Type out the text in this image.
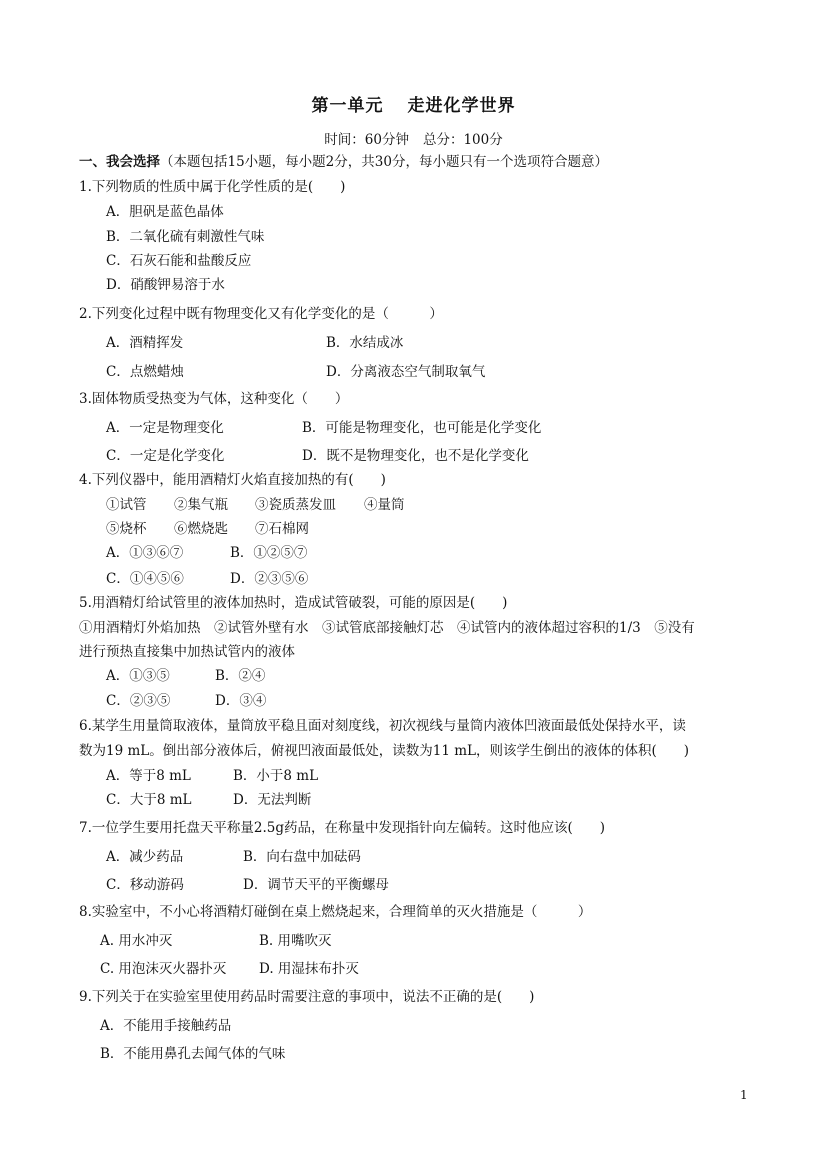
第一单元 走进化学世界
时间：60分钟 总分：100分
一、我会选择（本题包括15小题，每小题2分，共30分，每小题只有一个选项符合题意）
1.下列物质的性质中属于化学性质的是(　　)
A．胆矾是蓝色晶体
B．二氧化硫有刺激性气味
C．石灰石能和盐酸反应
D．硝酸钾易溶于水
2.下列变化过程中既有物理变化又有化学变化的是（　　　）
A．酒精挥发	B．水结成冰
C．点燃蜡烛	D．分离液态空气制取氧气
3.固体物质受热变为气体，这种变化（　　）
A．一定是物理变化	B．可能是物理变化，也可能是化学变化
C．一定是化学变化	D．既不是物理变化，也不是化学变化
4.下列仪器中，能用酒精灯火焰直接加热的有(　　)
①试管 ②集气瓶 ③瓷质蒸发皿 ④量筒
⑤烧杯 ⑥燃烧匙 ⑦石棉网
A．①③⑥⑦	B．①②⑤⑦
C．①④⑤⑥	D．②③⑤⑥
5.用酒精灯给试管里的液体加热时，造成试管破裂，可能的原因是(　　)
①用酒精灯外焰加热　②试管外壁有水　③试管底部接触灯芯　④试管内的液体超过容积的1/3　⑤没有
进行预热直接集中加热试管内的液体
A．①③⑤	B．②④
C．②③⑤	D．③④
6.某学生用量筒取液体，量筒放平稳且面对刻度线，初次视线与量筒内液体凹液面最低处保持水平，读
数为19 mL。倒出部分液体后，俯视凹液面最低处，读数为11 mL，则该学生倒出的液体的体积(　　)
A．等于8 mL	B．小于8 mL
C．大于8 mL	D．无法判断
7.一位学生要用托盘天平称量2.5g药品，在称量中发现指针向左偏转。这时他应该(　　)
A．减少药品	B．向右盘中加砝码
C．移动游码	D．调节天平的平衡螺母
8.实验室中，不小心将酒精灯碰倒在桌上燃烧起来，合理简单的灭火措施是（　　　）
A. 用水冲灭	B. 用嘴吹灭
C. 用泡沫灭火器扑灭 D. 用湿抹布扑灭
9.下列关于在实验室里使用药品时需要注意的事项中，说法不正确的是(　　)
A．不能用手接触药品
B．不能用鼻孔去闻气体的气味
1
